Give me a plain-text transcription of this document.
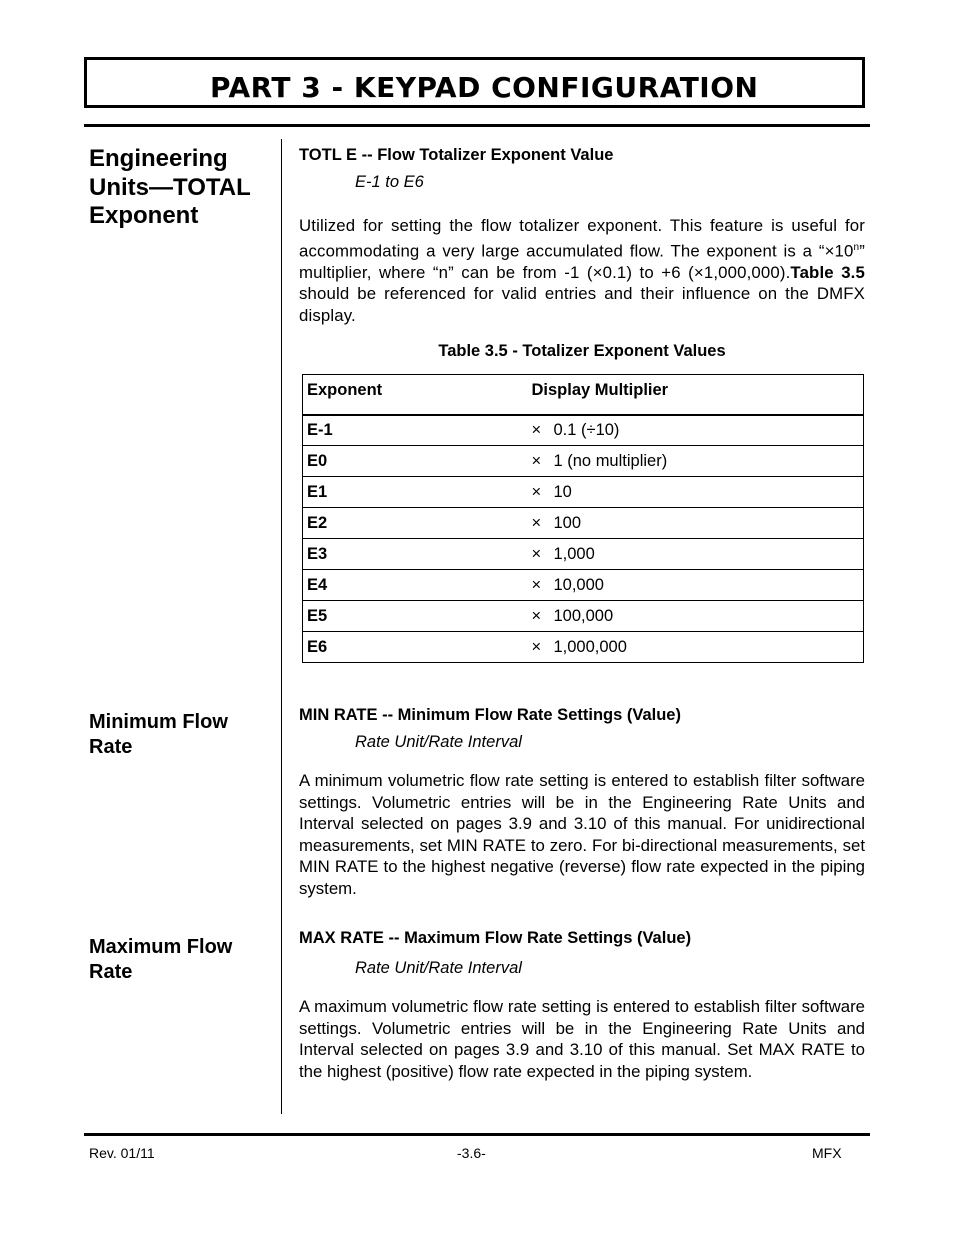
PART 3 - KEYPAD CONFIGURATION
Engineering Units—TOTAL Exponent
Minimum Flow Rate
Maximum Flow Rate
TOTL E -- Flow Totalizer Exponent Value
E-1 to E6
Utilized for setting the flow totalizer exponent. This feature is useful for accommodating a very large accumulated flow. The exponent is a “$\times 10^n$” multiplier, where “n” can be from -1 (×0.1) to +6 (×1,000,000).Table 3.5 should be referenced for valid entries and their influence on the DMFX display.
Table 3.5 - Totalizer Exponent Values
Exponent	Display Multiplier
E-1	× 0.1 (÷10)
E0	× 1 (no multiplier)
E1	× 10
E2	× 100
E3	× 1,000
E4	× 10,000
E5	× 100,000
E6	× 1,000,000
MIN RATE -- Minimum Flow Rate Settings (Value)
Rate Unit/Rate Interval
A minimum volumetric flow rate setting is entered to establish filter software settings. Volumetric entries will be in the Engineering Rate Units and Interval selected on pages 3.9 and 3.10 of this manual. For unidirectional measurements, set MIN RATE to zero. For bi-directional measurements, set MIN RATE to the highest negative (reverse) flow rate expected in the piping system.
MAX RATE -- Maximum Flow Rate Settings (Value)
Rate Unit/Rate Interval
A maximum volumetric flow rate setting is entered to establish filter software settings. Volumetric entries will be in the Engineering Rate Units and Interval selected on pages 3.9 and 3.10 of this manual. Set MAX RATE to the highest (positive) flow rate expected in the piping system.
Rev. 01/11	-3.6-	MFX
